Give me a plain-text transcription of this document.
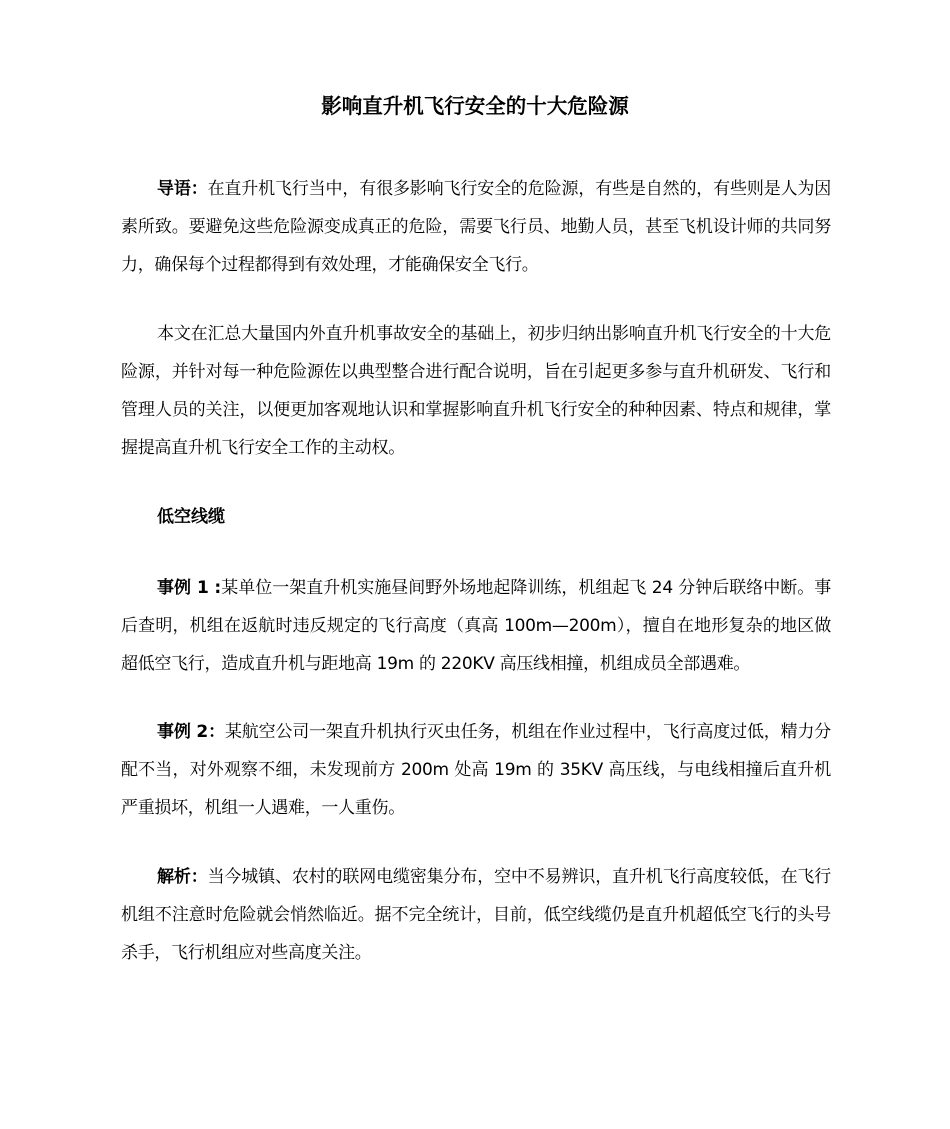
影响直升机飞行安全的十大危险源

导语：在直升机飞行当中，有很多影响飞行安全的危险源，有些是自然的，有些则是人为因素所致。要避免这些危险源变成真正的危险，需要飞行员、地勤人员，甚至飞机设计师的共同努力，确保每个过程都得到有效处理，才能确保安全飞行。

本文在汇总大量国内外直升机事故安全的基础上，初步归纳出影响直升机飞行安全的十大危险源，并针对每一种危险源佐以典型整合进行配合说明，旨在引起更多参与直升机研发、飞行和管理人员的关注，以便更加客观地认识和掌握影响直升机飞行安全的种种因素、特点和规律，掌握提高直升机飞行安全工作的主动权。

低空线缆

事例 1 :某单位一架直升机实施昼间野外场地起降训练，机组起飞 24 分钟后联络中断。事后查明，机组在返航时违反规定的飞行高度（真高 100m—200m），擅自在地形复杂的地区做超低空飞行，造成直升机与距地高 19m 的 220KV 高压线相撞，机组成员全部遇难。

事例 2：某航空公司一架直升机执行灭虫任务，机组在作业过程中，飞行高度过低，精力分配不当，对外观察不细，未发现前方 200m 处高 19m 的 35KV 高压线，与电线相撞后直升机严重损坏，机组一人遇难，一人重伤。

解析：当今城镇、农村的联网电缆密集分布，空中不易辨识，直升机飞行高度较低，在飞行机组不注意时危险就会悄然临近。据不完全统计，目前，低空线缆仍是直升机超低空飞行的头号杀手，飞行机组应对些高度关注。
